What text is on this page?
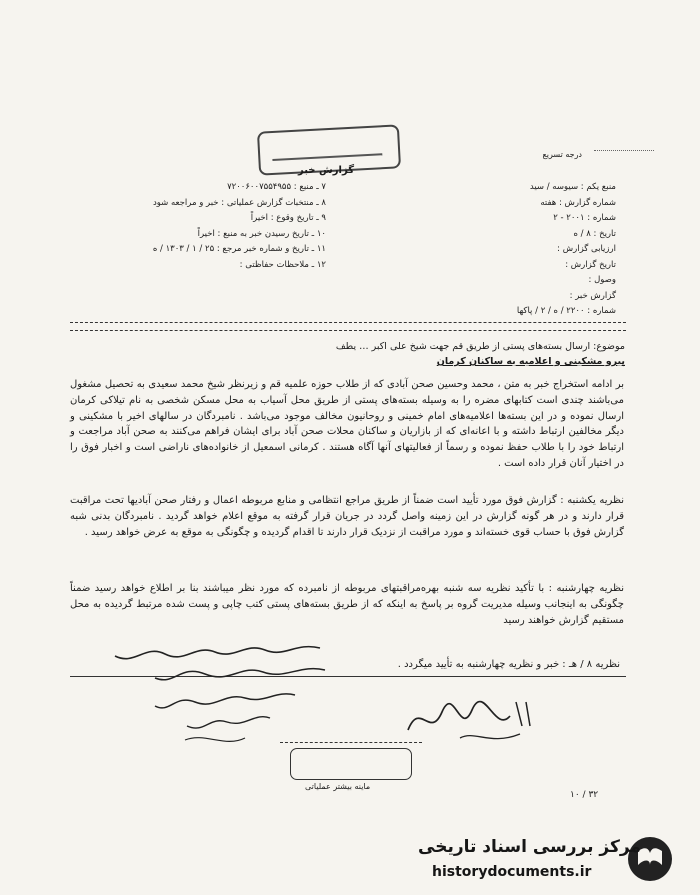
درجه تسریع
گزارش خبر
منبع یکم : سیوسه / سید
شماره گزارش : هفته
شماره : ۲۰۰۱ - ۲
تاریخ : ۸ / ه
ارزیابی گزارش :
تاریخ گزارش :
وصول :
گزارش خبر :
شماره : ۲۲۰۰ / ه / ۲ / پاکها
۷ ـ منبع : ۷۲۰۰۶۰۰۷۵۵۴۹۵۵
۸ ـ منتخبات گزارش عملیاتی : خبر و مراجعه شود
۹ ـ تاریخ وقوع : اخیراً
۱۰ ـ تاریخ رسیدن خبر به منبع : اخیراً
۱۱ ـ تاریخ و شماره خبر مرجع : ۲۵ / ۱ / ۱۳۰۳ / ه
۱۲ ـ ملاحظات حفاظتی :
موضوع: ارسال بسته‌های پستی از طریق قم جهت شیخ علی اکبر … یطف
پیرو مشکینی و اعلامیه به ساکنان کرمان
بر ادامه استخراج خبر به متن ، محمد وحسین صحن آبادی که از طلاب حوزه علمیه قم و زیرنظر شیخ محمد سعیدی به تحصیل مشغول می‌باشند چندی است کتابهای مضره را به وسیله بسته‌های پستی از طریق محل آسیاب به محل مسکن شخصی به نام تیلاکی کرمان ارسال نموده و در این بسته‌ها اعلامیه‌های امام خمینی و روحانیون مخالف موجود می‌باشد . نامبردگان در سالهای اخیر با مشکینی و دیگر مخالفین ارتباط داشته و با اعانه‌ای که از بازاریان و ساکنان محلات صحن آباد برای ایشان فراهم می‌کنند به صحن آباد مراجعت و ارتباط خود را با طلاب حفظ نموده و رسماً از فعالیتهای آنها آگاه هستند . کرمانی اسمعیل از خانواده‌های ناراضی است و اخبار فوق را در اختیار آنان قرار داده است .
نظریه یکشنبه : گزارش فوق مورد تأیید است ضمناً از طریق مراجع انتظامی و منابع مربوطه اعمال و رفتار صحن آبادیها تحت مراقبت قرار دارند و در هر گونه گزارش در این زمینه واصل گردد در جریان قرار گرفته به موقع اعلام خواهد گردید . نامبردگان بدنی شبه گزارش فوق با حساب قوی خسته‌اند و مورد مراقبت از نزدیک قرار دارند تا اقدام گردیده و چگونگی به موقع به عرض خواهد رسید .
نظریه چهارشنبه : با تأکید نظریه سه شنبه بهره‌مراقبتهای مربوطه از نامبرده که مورد نظر میباشند بنا بر اطلاع خواهد رسید ضمناً چگونگی به اینجانب وسیله مدیریت گروه بر پاسخ به اینکه که از طریق بسته‌های پستی کتب چاپی و پست شده مرتبط گردیده به محل مستقیم گزارش خواهند رسید
نظریه ۸ / هـ : خبر و نظریه چهارشنبه به تأیید میگردد .
ماینه بیشتر عملیاتی
۳۲ / ۱۰
مرکز بررسی اسناد تاریخی
historydocuments.ir
